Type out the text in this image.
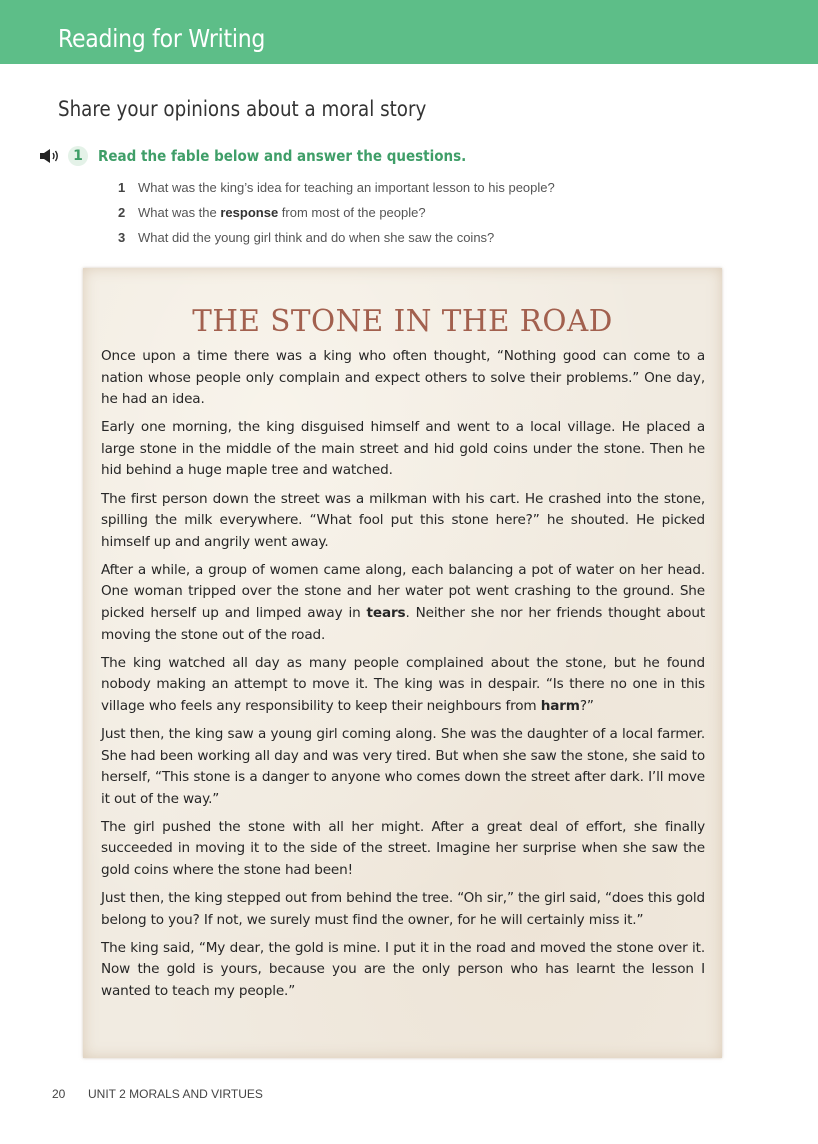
Reading for Writing
Share your opinions about a moral story
1	Read the fable below and answer the questions.
1 What was the king’s idea for teaching an important lesson to his people?
2 What was the response from most of the people?
3 What did the young girl think and do when she saw the coins?
THE STONE IN THE ROAD

Once upon a time there was a king who often thought, “Nothing good can come to a nation whose people only complain and expect others to solve their problems.” One day, he had an idea.

Early one morning, the king disguised himself and went to a local village. He placed a large stone in the middle of the main street and hid gold coins under the stone. Then he hid behind a huge maple tree and watched.

The first person down the street was a milkman with his cart. He crashed into the stone, spilling the milk everywhere. “What fool put this stone here?” he shouted. He picked himself up and angrily went away.

After a while, a group of women came along, each balancing a pot of water on her head. One woman tripped over the stone and her water pot went crashing to the ground. She picked herself up and limped away in tears. Neither she nor her friends thought about moving the stone out of the road.

The king watched all day as many people complained about the stone, but he found nobody making an attempt to move it. The king was in despair. “Is there no one in this village who feels any responsibility to keep their neighbours from harm?”

Just then, the king saw a young girl coming along. She was the daughter of a local farmer. She had been working all day and was very tired. But when she saw the stone, she said to herself, “This stone is a danger to anyone who comes down the street after dark. I’ll move it out of the way.”

The girl pushed the stone with all her might. After a great deal of effort, she finally succeeded in moving it to the side of the street. Imagine her surprise when she saw the gold coins where the stone had been!

Just then, the king stepped out from behind the tree. “Oh sir,” the girl said, “does this gold belong to you? If not, we surely must find the owner, for he will certainly miss it.”

The king said, “My dear, the gold is mine. I put it in the road and moved the stone over it. Now the gold is yours, because you are the only person who has learnt the lesson I wanted to teach my people.”

20	UNIT 2 MORALS AND VIRTUES
